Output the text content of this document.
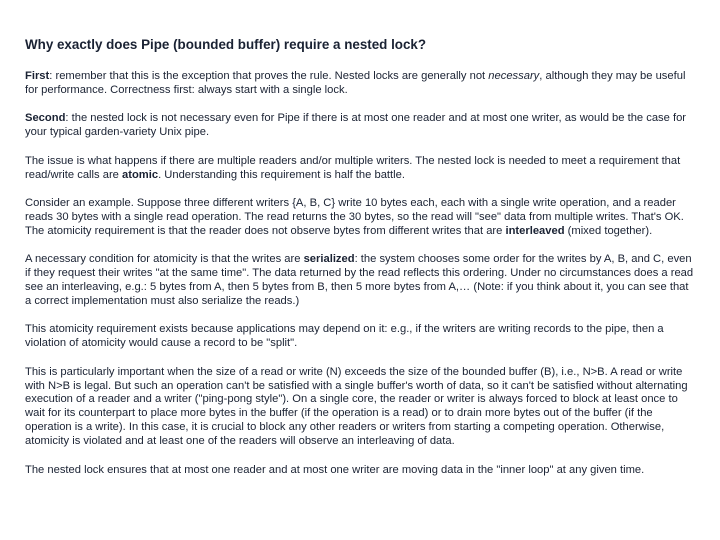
Why exactly does Pipe (bounded buffer) require a nested lock?

First: remember that this is the exception that proves the rule. Nested locks are generally not necessary, although they may be useful for performance. Correctness first: always start with a single lock.

Second: the nested lock is not necessary even for Pipe if there is at most one reader and at most one writer, as would be the case for your typical garden-variety Unix pipe.

The issue is what happens if there are multiple readers and/or multiple writers. The nested lock is needed to meet a requirement that read/write calls are atomic. Understanding this requirement is half the battle.

Consider an example. Suppose three different writers {A, B, C} write 10 bytes each, each with a single write operation, and a reader reads 30 bytes with a single read operation. The read returns the 30 bytes, so the read will "see" data from multiple writes. That's OK. The atomicity requirement is that the reader does not observe bytes from different writes that are interleaved (mixed together).

A necessary condition for atomicity is that the writes are serialized: the system chooses some order for the writes by A, B, and C, even if they request their writes "at the same time". The data returned by the read reflects this ordering. Under no circumstances does a read see an interleaving, e.g.: 5 bytes from A, then 5 bytes from B, then 5 more bytes from A,… (Note: if you think about it, you can see that a correct implementation must also serialize the reads.)

This atomicity requirement exists because applications may depend on it: e.g., if the writers are writing records to the pipe, then a violation of atomicity would cause a record to be "split".

This is particularly important when the size of a read or write (N) exceeds the size of the bounded buffer (B), i.e., N>B. A read or write with N>B is legal. But such an operation can't be satisfied with a single buffer's worth of data, so it can't be satisfied without alternating execution of a reader and a writer ("ping-pong style"). On a single core, the reader or writer is always forced to block at least once to wait for its counterpart to place more bytes in the buffer (if the operation is a read) or to drain more bytes out of the buffer (if the operation is a write). In this case, it is crucial to block any other readers or writers from starting a competing operation. Otherwise, atomicity is violated and at least one of the readers will observe an interleaving of data.

The nested lock ensures that at most one reader and at most one writer are moving data in the "inner loop" at any given time.
